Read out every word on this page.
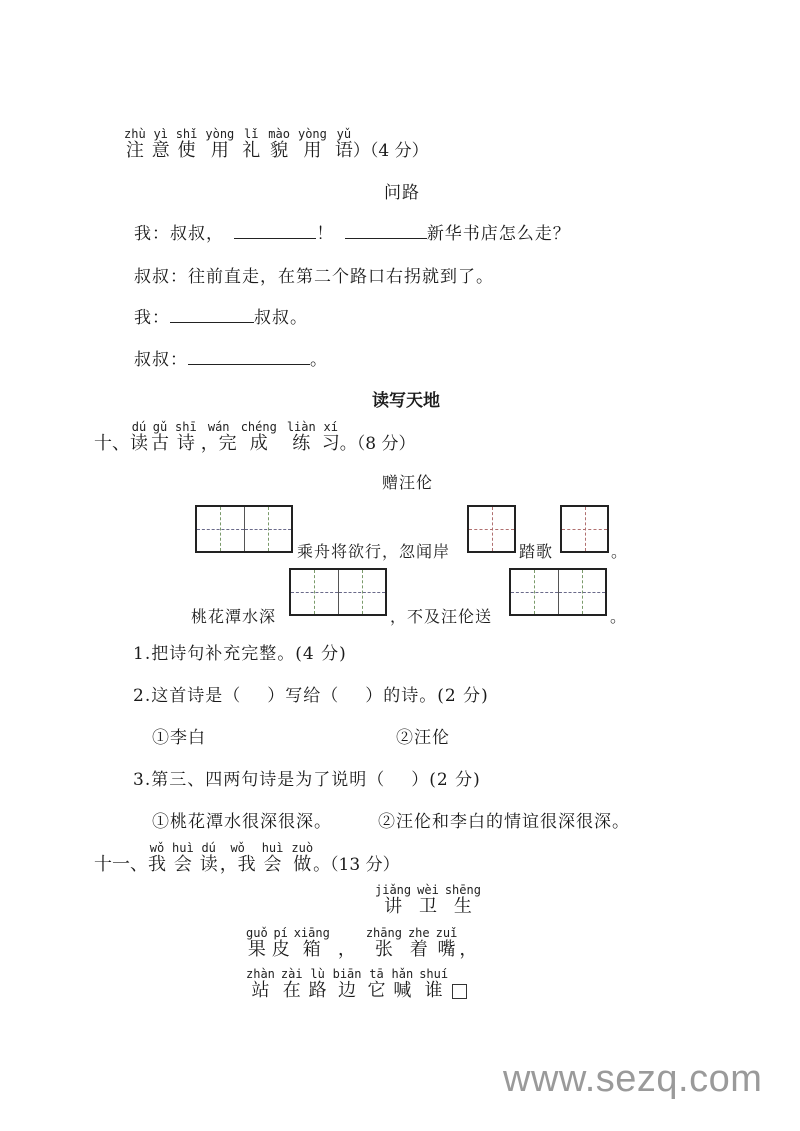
zhù
注
yì
意
shǐ
使
yòng
用
lǐ
礼
mào
貌
yòng
用
yǔ
语 ）（4 分）
问路
我：叔叔，	！	新华书店怎么走？
叔叔：往前直走，在第二个路口右拐就到了。
我：	叔叔。
叔叔：	。
读写天地
十、
dú
读
gǔ
古
shī
诗
wán
，完
chéng
成
liàn
练
xí
习 。（8 分）
赠汪伦
乘舟将欲行，忽闻岸	踏歌	。
桃花潭水深	，不及汪伦送	。
1.把诗句补充完整。(4 分)
2.这首诗是（ ）写给（ ）的诗。(2 分)
①李白	②汪伦
3.第三、四两句诗是为了说明（ ）(2 分)
①桃花潭水很深很深。	②汪伦和李白的情谊很深很深。
十一、
wǒ
我
huì
会
dú
读
wǒ
，我
huì
会
zuò
做 。（13 分）
jiǎng
讲
wèi
卫
shēng
生
guǒ
果
pí
皮
xiāng
箱
，
zhāng
张
zhe
着
zuǐ
嘴
，
zhàn
站
zài
在
lù
路
biān
边
tā
它
hǎn
喊
shuí
谁

www.sezq.com
